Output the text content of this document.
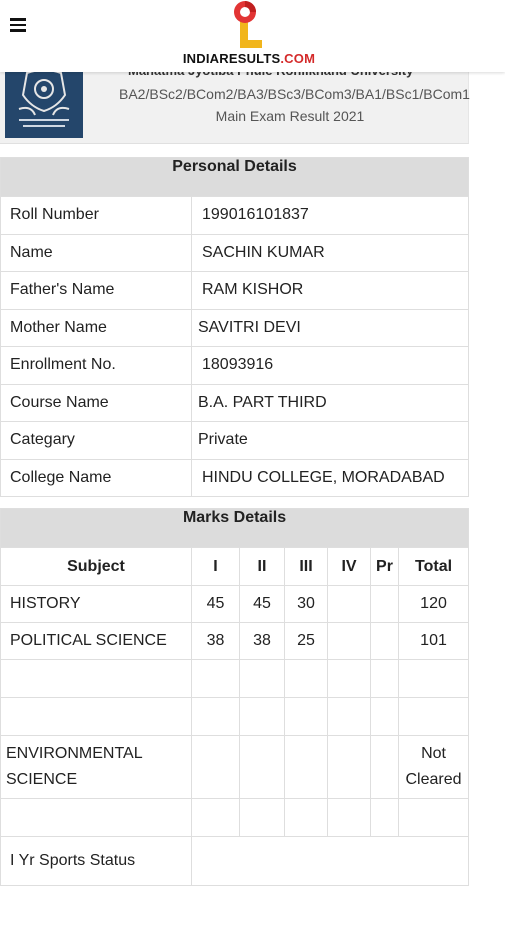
INDIARESULTS.COM
BA2/BSc2/BCom2/BA3/BSc3/BCom3/BA1/BSc1/BCom1
Main Exam Result 2021
Personal Details	
Roll Number	199016101837
Name	SACHIN KUMAR
Father's Name	RAM KISHOR
Mother Name	SAVITRI DEVI
Enrollment No.	18093916
Course Name	B.A. PART THIRD
Categary	Private
College Name	HINDU COLLEGE, MORADABAD
Marks Details						
Subject	I	II	III	IV	Pr	Total
HISTORY	45	45	30			120
POLITICAL SCIENCE	38	38	25			101

ENVIRONMENTAL SCIENCE						Not Cleared

I Yr Sports Status						
